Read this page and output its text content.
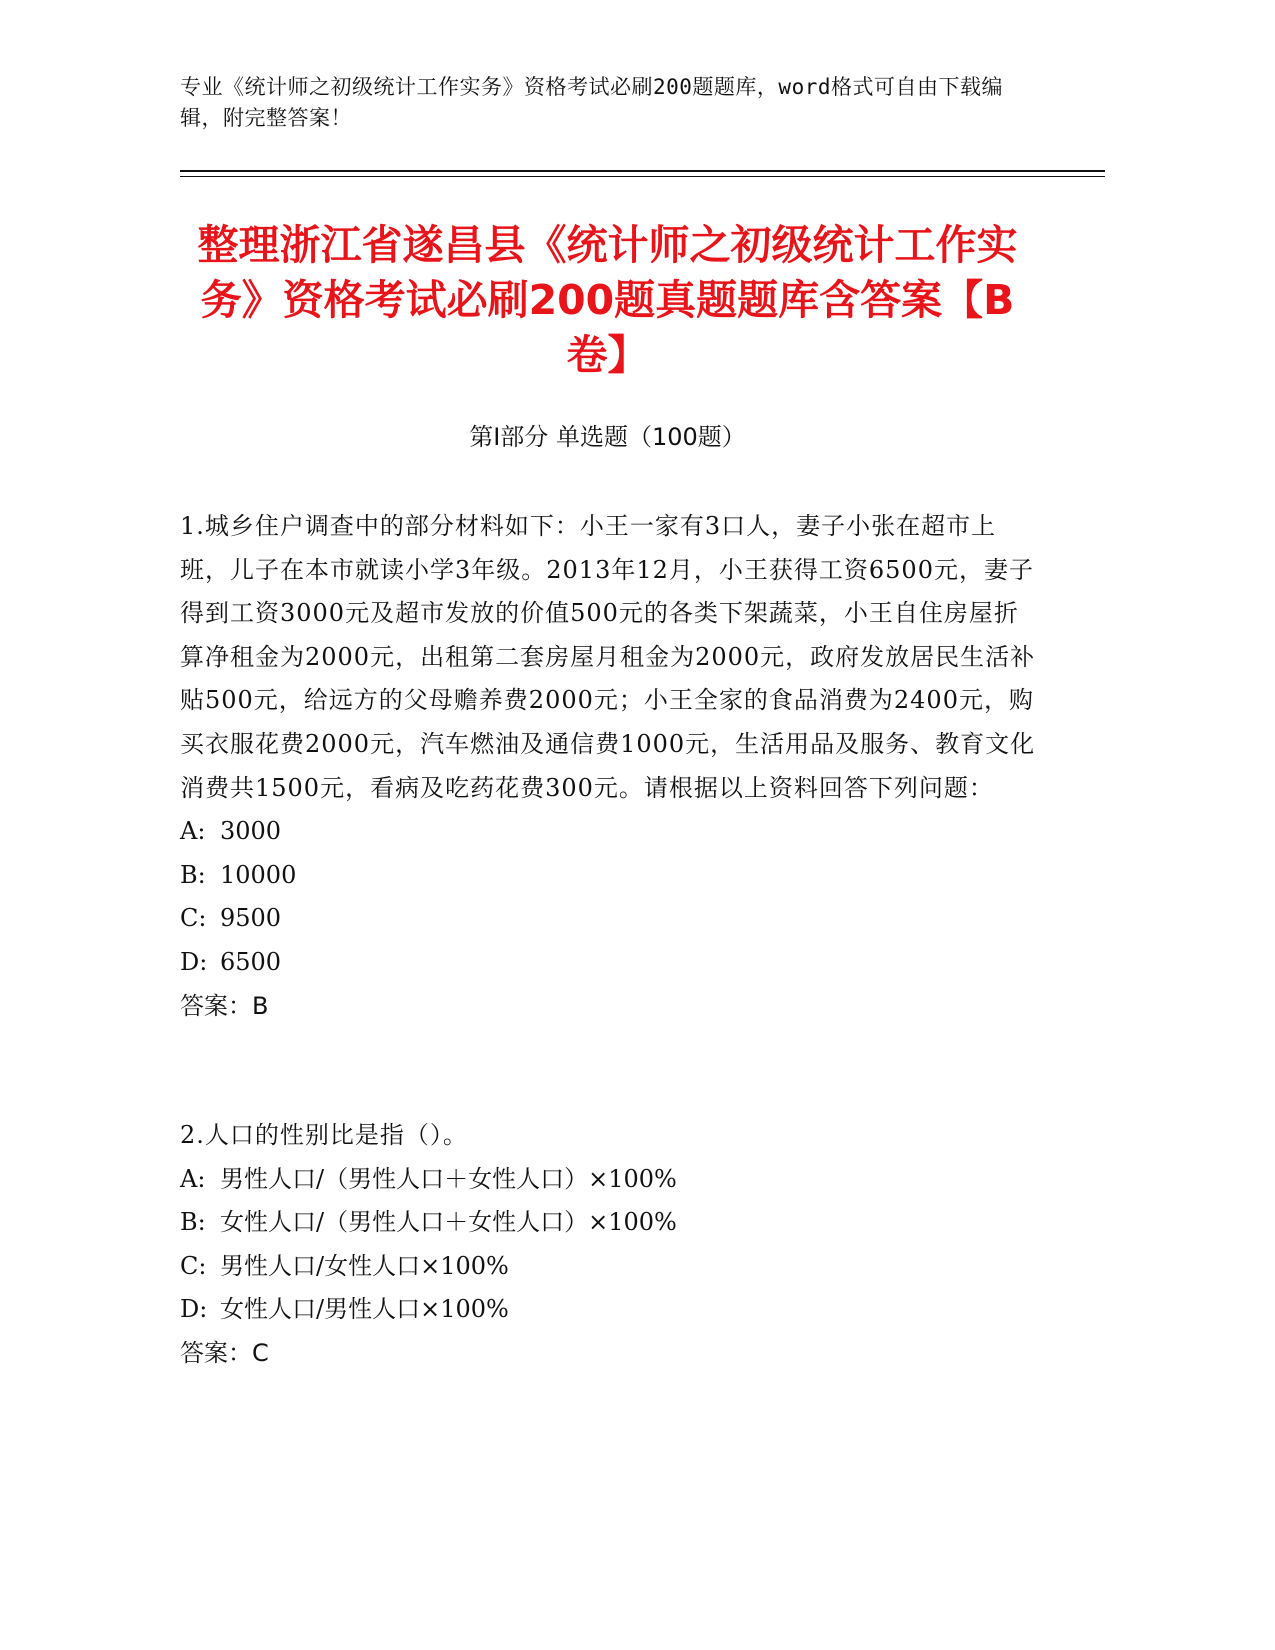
专业《统计师之初级统计工作实务》资格考试必刷200题题库，word格式可自由下载编辑，附完整答案！
整理浙江省遂昌县《统计师之初级统计工作实务》资格考试必刷200题真题题库含答案【B卷】
第I部分 单选题（100题）
1.城乡住户调查中的部分材料如下：小王一家有3口人，妻子小张在超市上班，儿子在本市就读小学3年级。2013年12月，小王获得工资6500元，妻子得到工资3000元及超市发放的价值500元的各类下架蔬菜，小王自住房屋折算净租金为2000元，出租第二套房屋月租金为2000元，政府发放居民生活补贴500元，给远方的父母赡养费2000元；小王全家的食品消费为2400元，购买衣服花费2000元，汽车燃油及通信费1000元，生活用品及服务、教育文化消费共1500元，看病及吃药花费300元。请根据以上资料回答下列问题：
A: 3000
B: 10000
C: 9500
D: 6500
答案：B
2.人口的性别比是指（）。
A: 男性人口/（男性人口＋女性人口）×100%
B: 女性人口/（男性人口＋女性人口）×100%
C: 男性人口/女性人口×100%
D: 女性人口/男性人口×100%
答案：C
